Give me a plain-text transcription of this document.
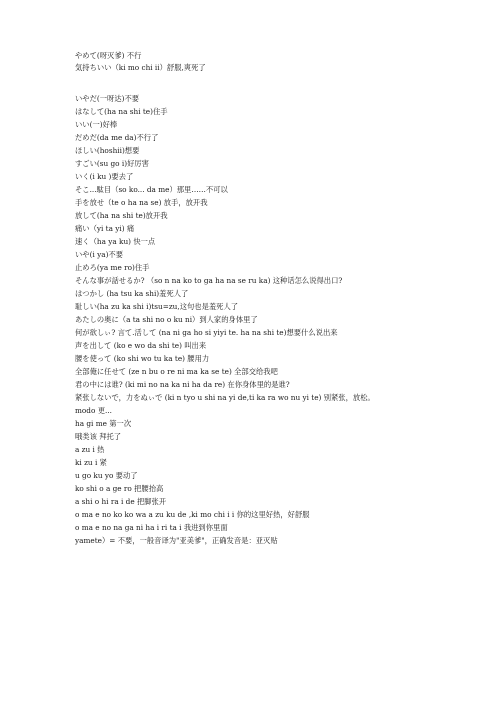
やめて(呀灭爹) 不行
気持ちいい（ki mo chi ii）舒服,爽死了
いやだ(一呀达)不要
はなして(ha na shi te)住手
いい(一)好棒
だめだ(da me da)不行了
ほしい(hoshii)想要
すごい(su go i)好厉害
いく(i ku )要去了
そこ...駄目（so ko... da me）那里……不可以
手を放せ（te o ha na se) 放手，放开我
放して(ha na shi te)放开我
痛い（yi ta yi) 痛
速く（ha ya ku) 快一点
いや(i ya)不要
止めろ(ya me ro)住手
そんな事が話せるか? （so n na ko to ga ha na se ru ka) 这种话怎么说得出口?
はつかし (ha tsu ka shi)羞死人了
耻しい(ha zu ka shi i)tsu=zu,这句也是羞死人了
あたしの奥に（a ta shi no o ku ni）到人家的身体里了
何が欲しぃ? 言て.活して (na ni ga ho si yiyi te. ha na shi te)想要什么说出来
声を出して (ko e wo da shi te) 叫出来
腰を使って (ko shi wo tu ka te) 腰用力
全部俺に任せて (ze n bu o re ni ma ka se te) 全部交给我吧
君の中には谁? (ki mi no na ka ni ha da re) 在你身体里的是谁?
紧张しないで，力をぬぃで (ki n tyo u shi na yi de,ti ka ra wo nu yi te) 别紧张，放松。
modo 更...
ha gi me 第一次
哦类该 拜托了
a zu i 热
ki zu i 紧
u go ku yo 要动了
ko shi o a ge ro 把腰抬高
a shi o hi ra i de 把脚张开
o ma e no ko ko wa a zu ku de ,ki mo chi i i 你的这里好热，好舒服
o ma e no na ga ni ha i ri ta i 我进到你里面
yamete）= 不要，一般音译为"亚美爹"，正确发音是：亚灭贴
